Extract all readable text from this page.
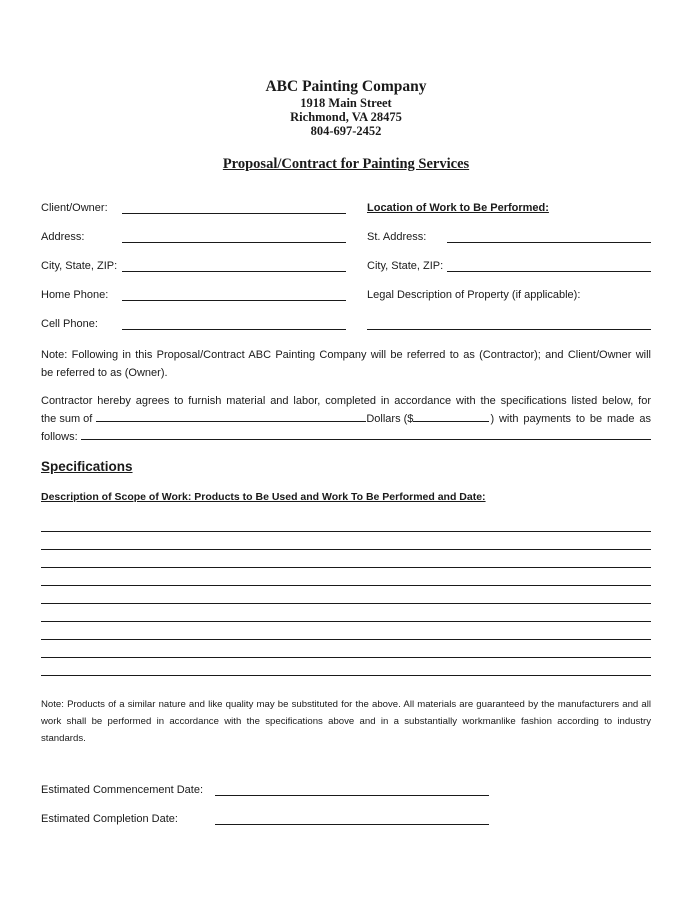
ABC Painting Company
1918 Main Street
Richmond, VA 28475
804-697-2452
Proposal/Contract for Painting Services
Client/Owner:
Address:
City, State, ZIP:
Home Phone:
Cell Phone:
Location of Work to Be Performed:
St. Address:
City, State, ZIP:
Legal Description of Property (if applicable):
Note: Following in this Proposal/Contract ABC Painting Company will be referred to as (Contractor); and Client/Owner will
be referred to as (Owner).
Contractor hereby agrees to furnish material and labor, completed in accordance with the specifications listed below, for
the sum of	Dollars ($	) with payments to be made as
follows:
Specifications
Description of Scope of Work: Products to Be Used and Work To Be Performed and Date:
Note: Products of a similar nature and like quality may be substituted for the above. All materials are guaranteed by the manufacturers and all work shall be performed in accordance with the specifications above and in a substantially workmanlike fashion according to industry standards.
Estimated Commencement Date:
Estimated Completion Date:
